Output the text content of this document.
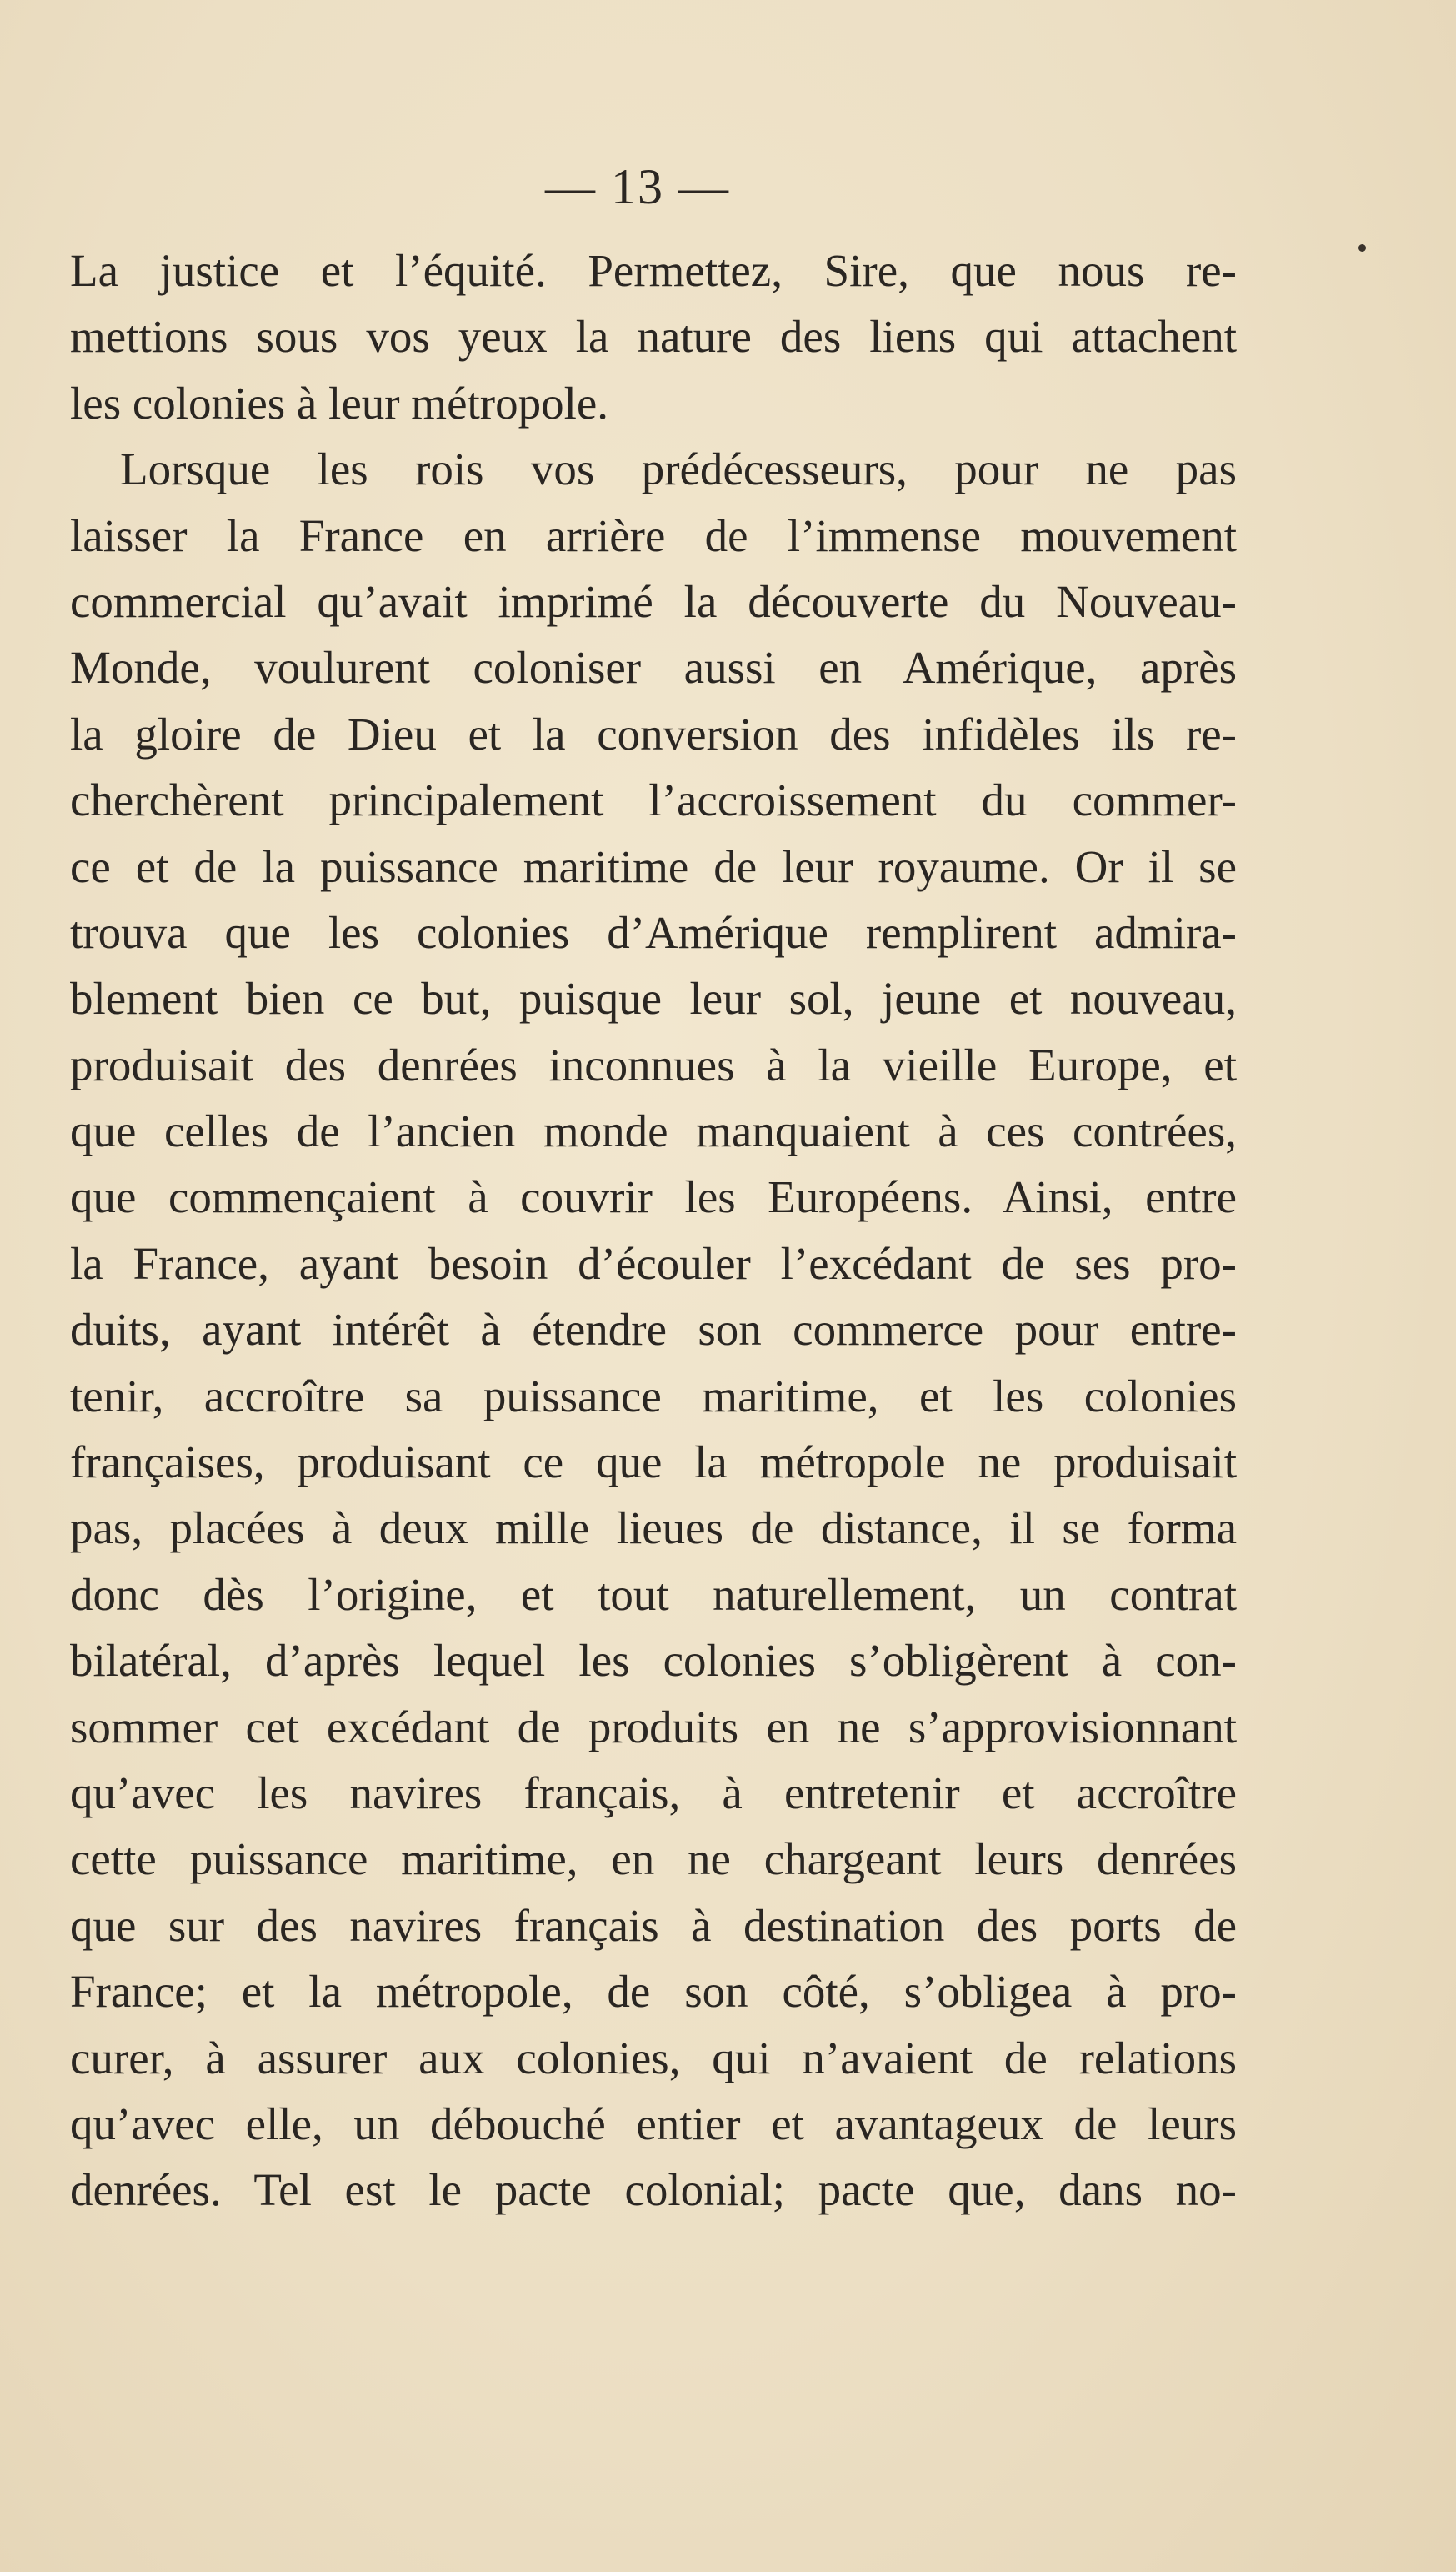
— 13 —
La justice et l’équité. Permettez, Sire, que nous re-
mettions sous vos yeux la nature des liens qui attachent
les colonies à leur métropole.
Lorsque les rois vos prédécesseurs, pour ne pas
laisser la France en arrière de l’immense mouvement
commercial qu’avait imprimé la découverte du Nouveau-
Monde, voulurent coloniser aussi en Amérique, après
la gloire de Dieu et la conversion des infidèles ils re-
cherchèrent principalement l’accroissement du commer-
ce et de la puissance maritime de leur royaume. Or il se
trouva que les colonies d’Amérique remplirent admira-
blement bien ce but, puisque leur sol, jeune et nouveau,
produisait des denrées inconnues à la vieille Europe, et
que celles de l’ancien monde manquaient à ces contrées,
que commençaient à couvrir les Européens. Ainsi, entre
la France, ayant besoin d’écouler l’excédant de ses pro-
duits, ayant intérêt à étendre son commerce pour entre-
tenir, accroître sa puissance maritime, et les colonies
françaises, produisant ce que la métropole ne produisait
pas, placées à deux mille lieues de distance, il se forma
donc dès l’origine, et tout naturellement, un contrat
bilatéral, d’après lequel les colonies s’obligèrent à con-
sommer cet excédant de produits en ne s’approvisionnant
qu’avec les navires français, à entretenir et accroître
cette puissance maritime, en ne chargeant leurs denrées
que sur des navires français à destination des ports de
France; et la métropole, de son côté, s’obligea à pro-
curer, à assurer aux colonies, qui n’avaient de relations
qu’avec elle, un débouché entier et avantageux de leurs
denrées. Tel est le pacte colonial; pacte que, dans no-
